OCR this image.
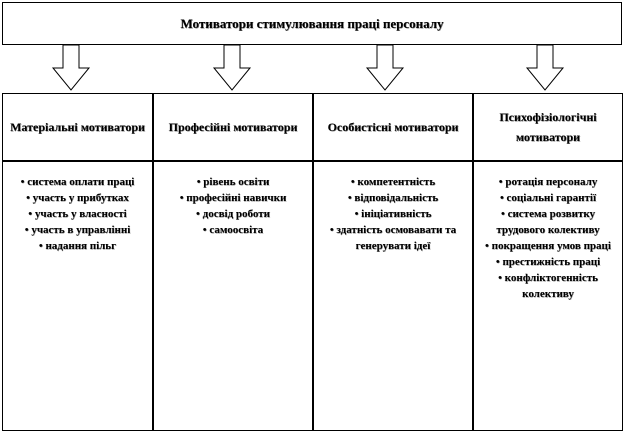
Мотиватори стимулювання праці персоналу
Матеріальні мотиватори
• система оплати праці
• участь у прибутках
• участь у власності
• участь в управлінні
• надання пільг
Професійні мотиватори
• рівень освіти
• професійні навички
• досвід роботи
• самоосвіта
Особистісні мотиватори
• компетентність
• відповідальність
• ініціативність
• здатність осмовавати та генерувати ідеї
Психофізіологічні мотиватори
• ротація персоналу
• соціальні гарантії
• система розвитку трудового колективу
• покращення умов праці
• престижність праці
• конфліктогенність колективу
